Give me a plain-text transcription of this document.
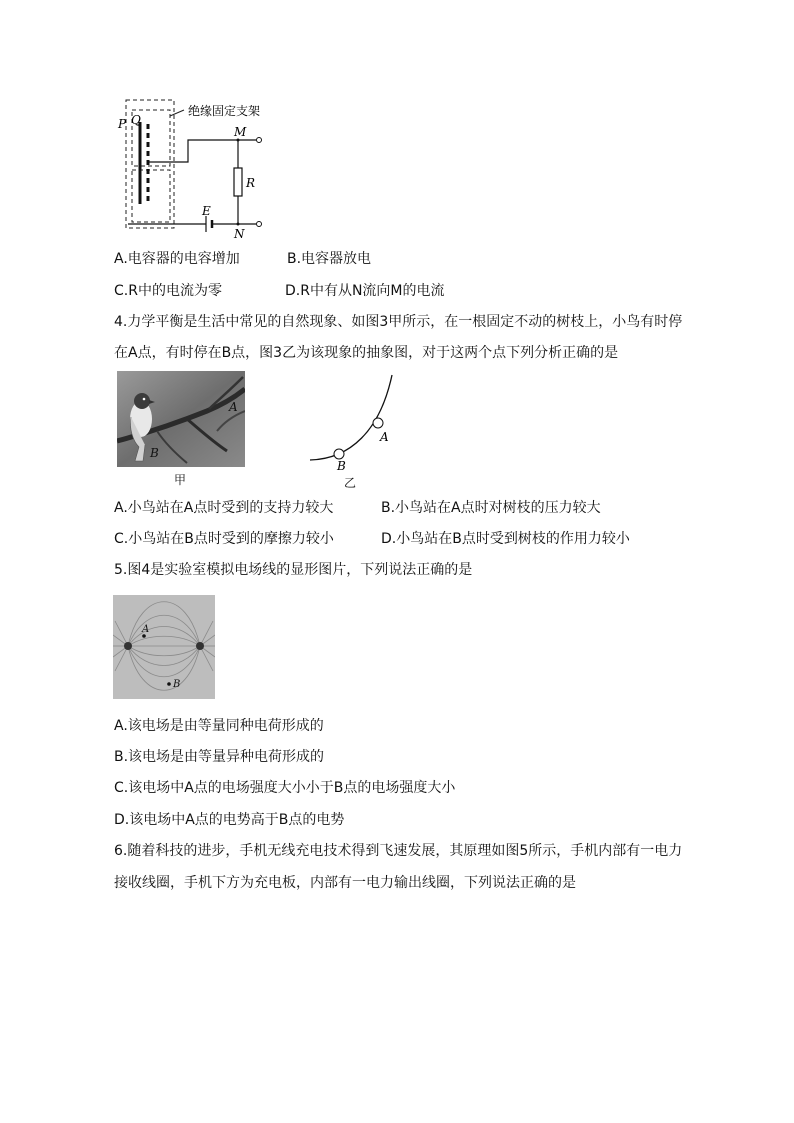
P Q
M
N
R
E
绝缘固定支架
A.电容器的电容增加	B.电容器放电
C.R中的电流为零	D.R中有从N流向M的电流
4.力学平衡是生活中常见的自然现象、如图3甲所示，在一根固定不动的树枝上，小鸟有时停
在A点，有时停在B点，图3乙为该现象的抽象图，对于这两个点下列分析正确的是
A
B
甲
A
B
乙
A.小鸟站在A点时受到的支持力较大	B.小鸟站在A点时对树枝的压力较大
C.小鸟站在B点时受到的摩擦力较小	D.小鸟站在B点时受到树枝的作用力较小
5.图4是实验室模拟电场线的显形图片，下列说法正确的是
A
B
A.该电场是由等量同种电荷形成的
B.该电场是由等量异种电荷形成的
C.该电场中A点的电场强度大小小于B点的电场强度大小
D.该电场中A点的电势高于B点的电势
6.随着科技的进步，手机无线充电技术得到飞速发展，其原理如图5所示，手机内部有一电力
接收线圈，手机下方为充电板，内部有一电力输出线圈，下列说法正确的是
